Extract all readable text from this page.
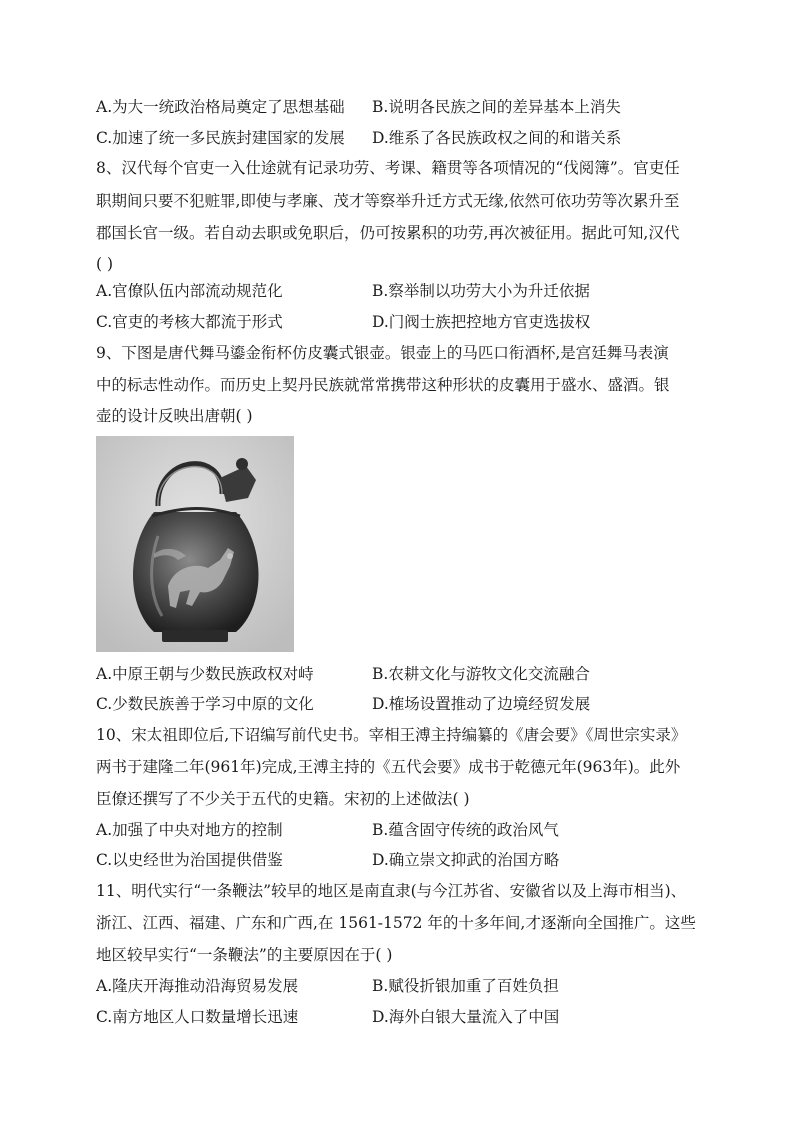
A.为大一统政治格局奠定了思想基础 B.说明各民族之间的差异基本上消失
C.加速了统一多民族封建国家的发展 D.维系了各民族政权之间的和谐关系
8、汉代每个官吏一入仕途就有记录功劳、考课、籍贯等各项情况的“伐阅簿”。官吏任
职期间只要不犯赃罪,即使与孝廉、茂才等察举升迁方式无缘,依然可依功劳等次累升至
郡国长官一级。若自动去职或免职后，仍可按累积的功劳,再次被征用。据此可知,汉代
( )
A.官僚队伍内部流动规范化	B.察举制以功劳大小为升迁依据
C.官吏的考核大都流于形式	D.门阀士族把控地方官吏选拔权
9、下图是唐代舞马鎏金衔杯仿皮囊式银壶。银壶上的马匹口衔酒杯,是宫廷舞马表演
中的标志性动作。而历史上契丹民族就常常携带这种形状的皮囊用于盛水、盛酒。银
壶的设计反映出唐朝( )
A.中原王朝与少数民族政权对峙	B.农耕文化与游牧文化交流融合
C.少数民族善于学习中原的文化	D.榷场设置推动了边境经贸发展
10、宋太祖即位后,下诏编写前代史书。宰相王溥主持编纂的《唐会要》《周世宗实录》
两书于建隆二年(961年)完成,王溥主持的《五代会要》成书于乾德元年(963年)。此外
臣僚还撰写了不少关于五代的史籍。宋初的上述做法( )
A.加强了中央对地方的控制	B.蕴含固守传统的政治风气
C.以史经世为治国提供借鉴	D.确立崇文抑武的治国方略
11、明代实行“一条鞭法”较早的地区是南直隶(与今江苏省、安徽省以及上海市相当)、
浙江、江西、福建、广东和广西,在 1561-1572 年的十多年间,才逐渐向全国推广。这些
地区较早实行“一条鞭法”的主要原因在于( )
A.隆庆开海推动沿海贸易发展	B.赋役折银加重了百姓负担
C.南方地区人口数量增长迅速	D.海外白银大量流入了中国
